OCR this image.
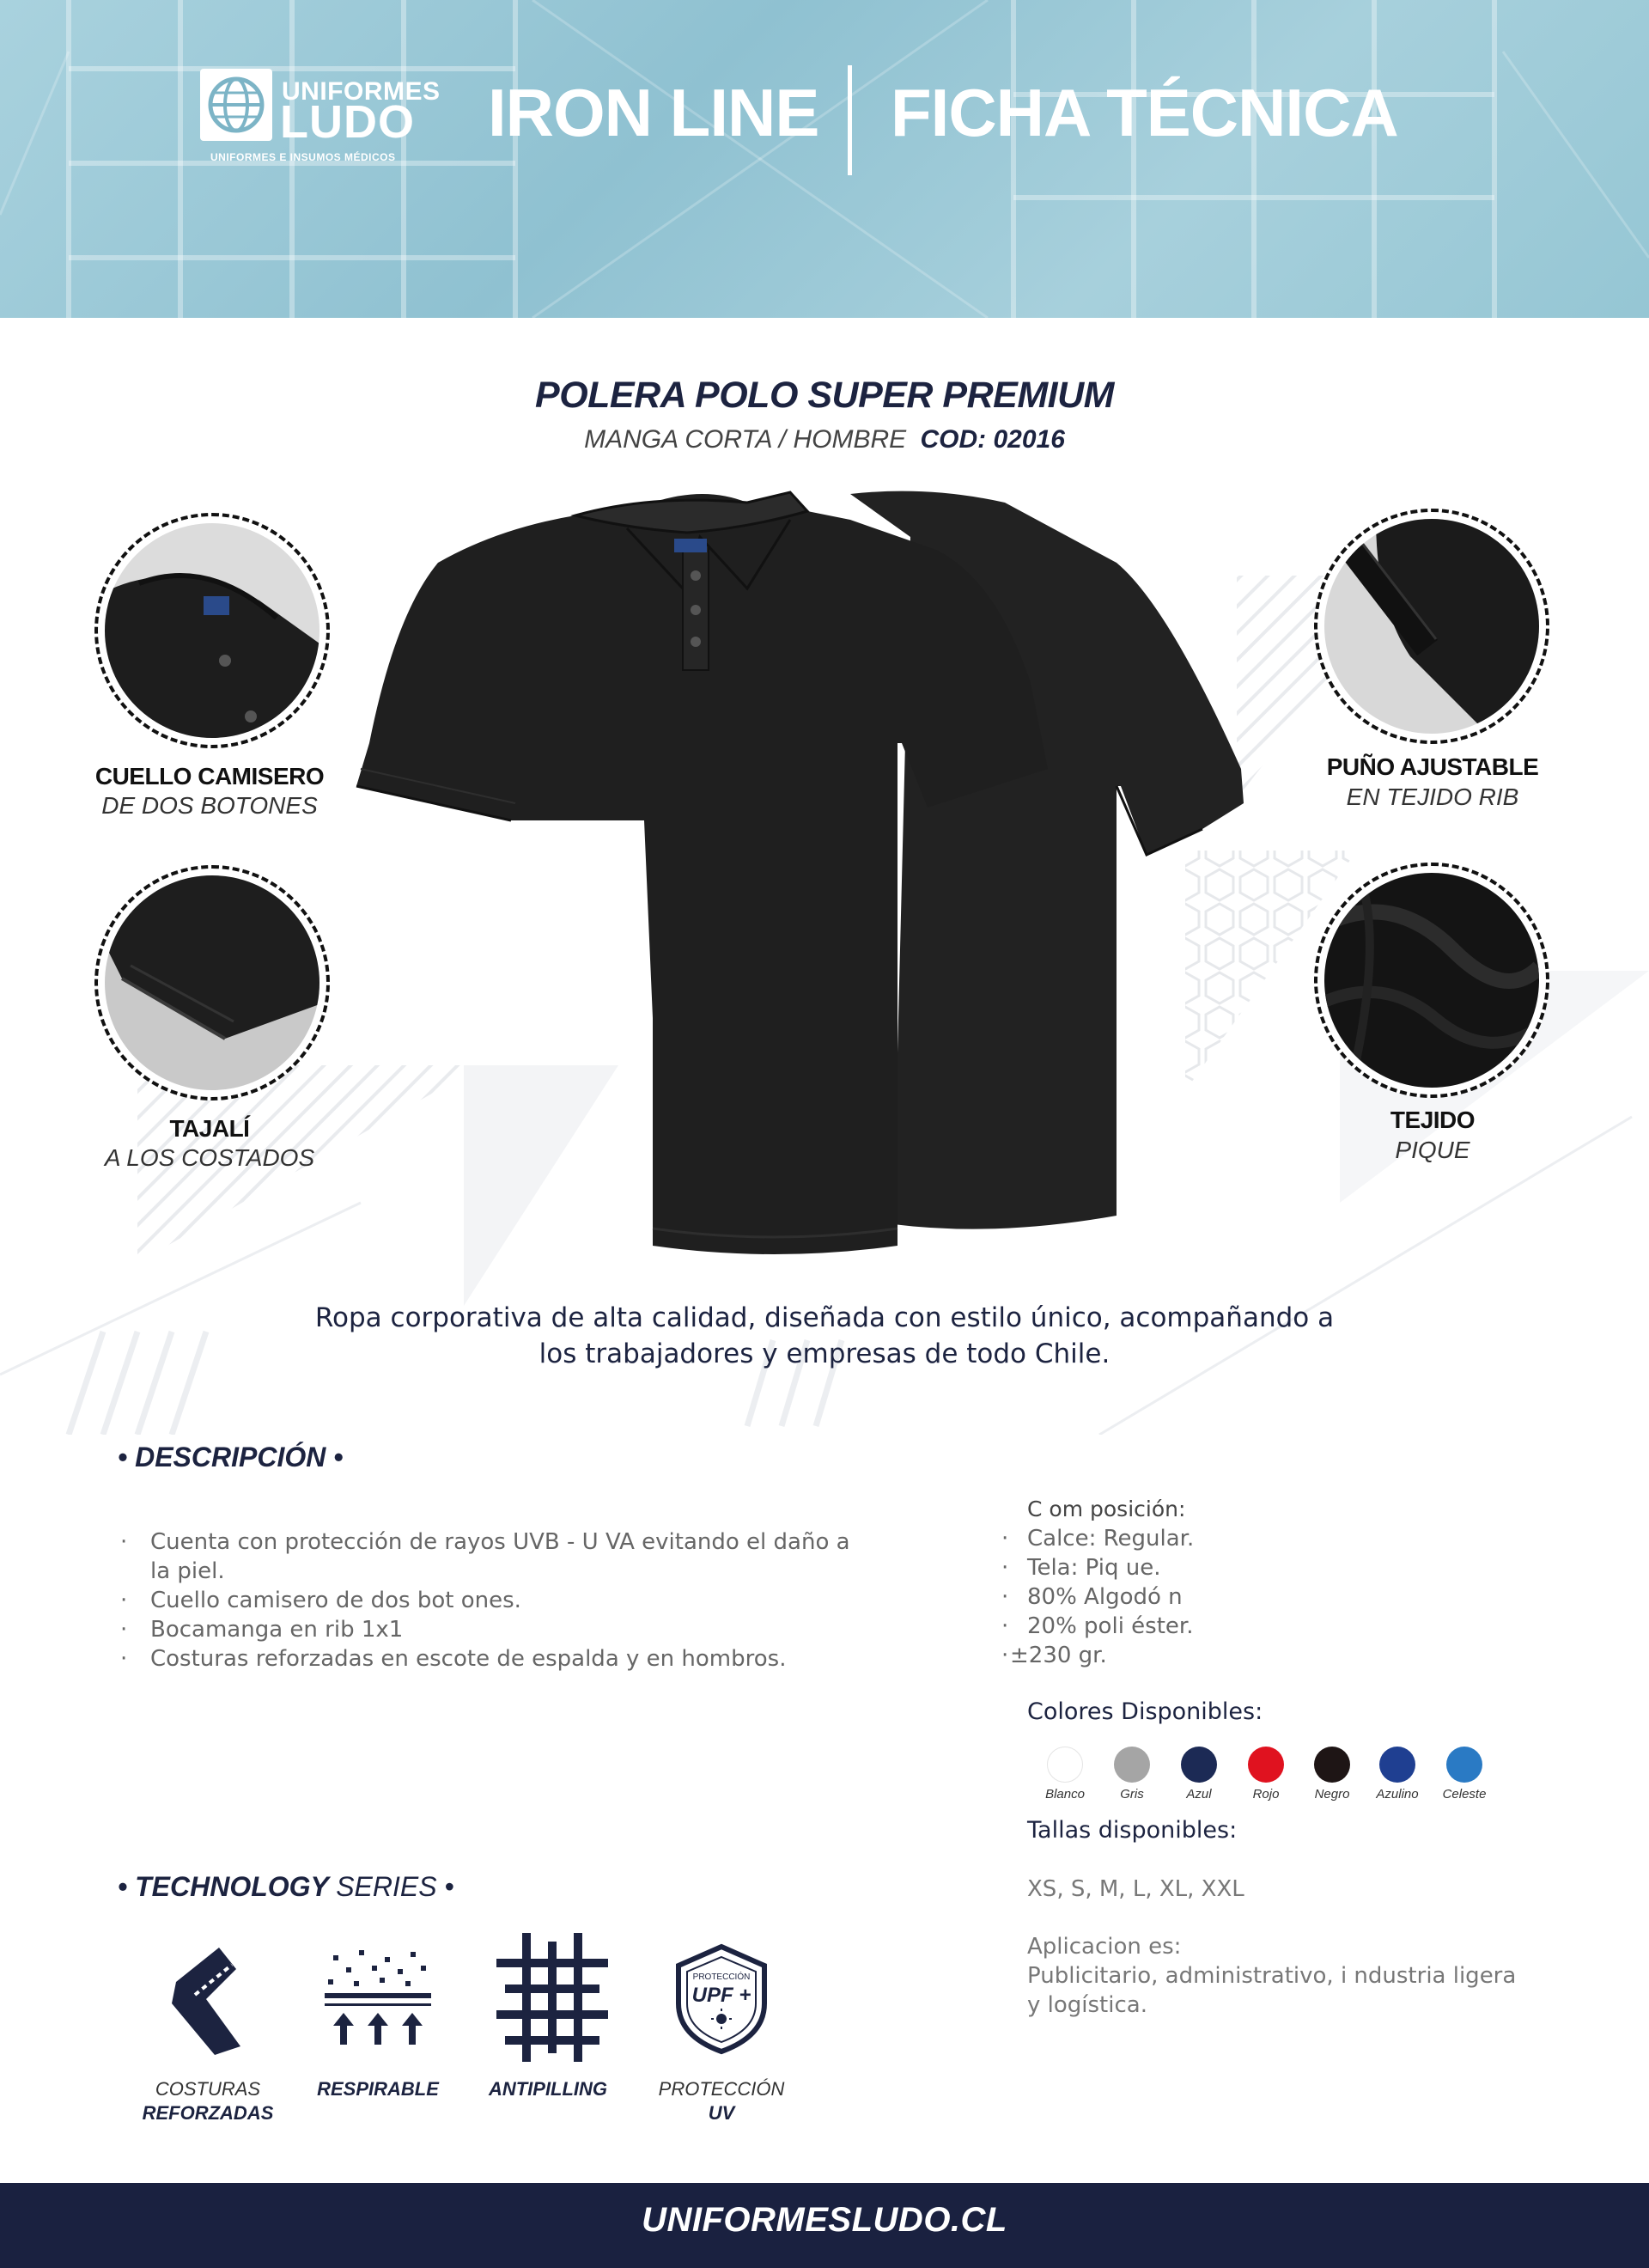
UNIFORMES
LUDO
UNIFORMES E INSUMOS MÉDICOS
IRON LINE FICHA TÉCNICA
POLERA POLO SUPER PREMIUM
MANGA CORTA / HOMBRE COD: 02016
CUELLO CAMISERO
DE DOS BOTONES
TAJALÍ
A LOS COSTADOS
PUÑO AJUSTABLE
EN TEJIDO RIB
TEJIDO
PIQUE
Ropa corporativa de alta calidad, diseñada con estilo único, acompañando a
los trabajadores y empresas de todo Chile.
• DESCRIPCIÓN •
· Cuenta con protección de rayos UVB - U VA evitando el daño a la piel.
· Cuello camisero de dos bot ones.
· Bocamanga en rib 1x1
· Costuras reforzadas en escote de espalda y en hombros.
C om posición:
· Calce: Regular.
· Tela: Piq ue.
· 80% Algodó n
· 20% poli éster.
· ±230 gr.
Colores Disponibles:
Blanco	Gris	Azul	Rojo	Negro	Azulino	Celeste
Tallas disponibles:
XS, S, M, L, XL, XXL
Aplicacion es:
Publicitario, administrativo, i ndustria ligera
y logística.
• TECHNOLOGY SERIES •
COSTURAS
REFORZADAS
RESPIRABLE	ANTIPILLING
PROTECCIÓN
UPF +
PROTECCIÓN
UV
UNIFORMESLUDO.CL
